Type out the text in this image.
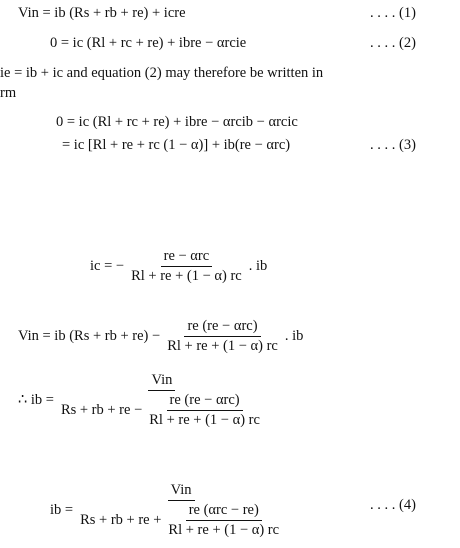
Vin = ib (Rs + rb + re) + icre	. . . . (1)
0 = ic (Rl + rc + re) + ibre − αrcie	. . . . (2)
ie = ib + ic and equation (2) may therefore be written in
rm
0 = ic (Rl + rc + re) + ibre − αrcib − αrcic
= ic [Rl + re + rc (1 − α)] + ib(re − αrc)	. . . . (3)
ic = − $\frac{\text{re − αrc}}{Rl + re + (1 - \alpha) rc}$ . ib
Vin = ib (Rs + rb + $re) - \frac{\text{re (re − αrc)}}{Rl + re + (1 - \alpha) rc}$ . ib
∴ ib =
Vin
Rs + rb + re − $\frac{\text{re (re − αrc)}}{Rl + re + (1 - \alpha) rc}$
ib =
Vin
Rs + rb + re + $\frac{\text{re (αrc − re)}}{Rl + re + (1 - \alpha) rc}$	. . . . (4)
